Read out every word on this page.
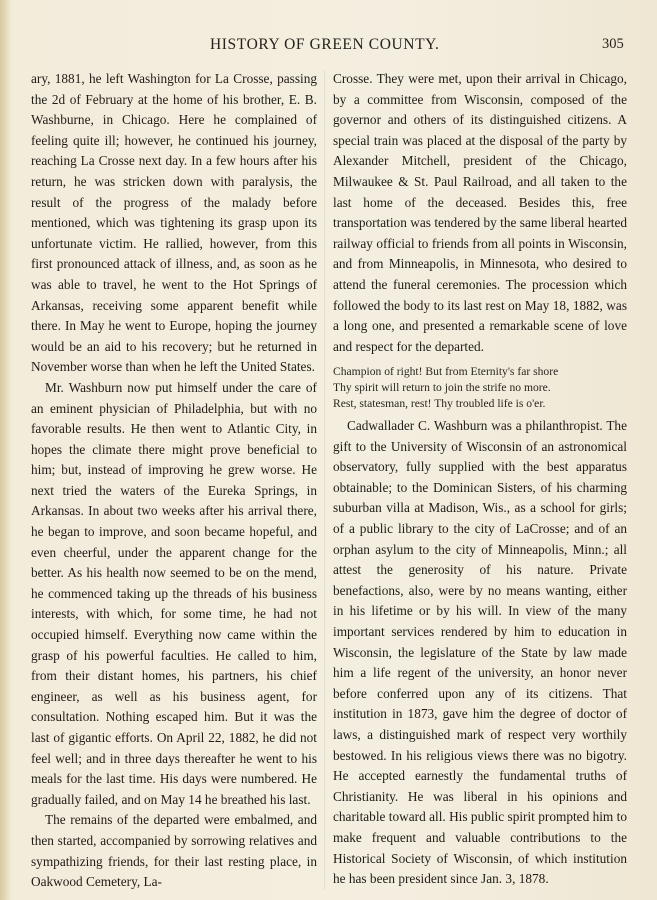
HISTORY OF GREEN COUNTY.	305

ary, 1881, he left Washington for La Crosse, passing the 2d of February at the home of his brother, E. B. Washburne, in Chicago. Here he complained of feeling quite ill; however, he continued his journey, reaching La Crosse next day. In a few hours after his return, he was stricken down with paralysis, the result of the progress of the malady before mentioned, which was tightening its grasp upon its unfortunate victim. He rallied, however, from this first pronounced attack of illness, and, as soon as he was able to travel, he went to the Hot Springs of Arkansas, receiving some apparent benefit while there. In May he went to Europe, hoping the journey would be an aid to his recovery; but he returned in November worse than when he left the United States.

Mr. Washburn now put himself under the care of an eminent physician of Philadelphia, but with no favorable results. He then went to Atlantic City, in hopes the climate there might prove beneficial to him; but, instead of improving he grew worse. He next tried the waters of the Eureka Springs, in Arkansas. In about two weeks after his arrival there, he began to improve, and soon became hopeful, and even cheerful, under the apparent change for the better. As his health now seemed to be on the mend, he commenced taking up the threads of his business interests, with which, for some time, he had not occupied himself. Everything now came within the grasp of his powerful faculties. He called to him, from their distant homes, his partners, his chief engineer, as well as his business agent, for consultation. Nothing escaped him. But it was the last of gigantic efforts. On April 22, 1882, he did not feel well; and in three days thereafter he went to his meals for the last time. His days were numbered. He gradually failed, and on May 14 he breathed his last.

The remains of the departed were embalmed, and then started, accompanied by sorrowing relatives and sympathizing friends, for their last resting place, in Oakwood Cemetery, La-

Crosse. They were met, upon their arrival in Chicago, by a committee from Wisconsin, composed of the governor and others of its distinguished citizens. A special train was placed at the disposal of the party by Alexander Mitchell, president of the Chicago, Milwaukee & St. Paul Railroad, and all taken to the last home of the deceased. Besides this, free transportation was tendered by the same liberal hearted railway official to friends from all points in Wisconsin, and from Minneapolis, in Minnesota, who desired to attend the funeral ceremonies. The procession which followed the body to its last rest on May 18, 1882, was a long one, and presented a remarkable scene of love and respect for the departed.

Champion of right! But from Eternity's far shore
Thy spirit will return to join the strife no more.
Rest, statesman, rest! Thy troubled life is o'er.

Cadwallader C. Washburn was a philanthropist. The gift to the University of Wisconsin of an astronomical observatory, fully supplied with the best apparatus obtainable; to the Dominican Sisters, of his charming suburban villa at Madison, Wis., as a school for girls; of a public library to the city of LaCrosse; and of an orphan asylum to the city of Minneapolis, Minn.; all attest the generosity of his nature. Private benefactions, also, were by no means wanting, either in his lifetime or by his will. In view of the many important services rendered by him to education in Wisconsin, the legislature of the State by law made him a life regent of the university, an honor never before conferred upon any of its citizens. That institution in 1873, gave him the degree of doctor of laws, a distinguished mark of respect very worthily bestowed. In his religious views there was no bigotry. He accepted earnestly the fundamental truths of Christianity. He was liberal in his opinions and charitable toward all. His public spirit prompted him to make frequent and valuable contributions to the Historical Society of Wisconsin, of which institution he has been president since Jan. 3, 1878.
